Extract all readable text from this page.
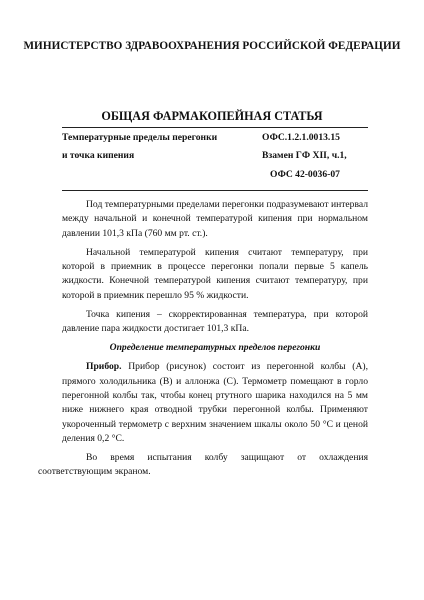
МИНИСТЕРСТВО ЗДРАВООХРАНЕНИЯ РОССИЙСКОЙ ФЕДЕРАЦИИ
ОБЩАЯ ФАРМАКОПЕЙНАЯ СТАТЬЯ
Температурные пределы перегонки
и точка кипения
ОФС.1.2.1.0013.15
Взамен ГФ XII, ч.1,
ОФС 42-0036-07

Под температурными пределами перегонки подразумевают интервал между начальной и конечной температурой кипения при нормальном давлении 101,3 кПа (760 мм рт. ст.).

Начальной температурой кипения считают температуру, при которой в приемник в процессе перегонки попали первые 5 капель жидкости. Конечной температурой кипения считают температуру, при которой в приемник перешло 95 % жидкости.

Точка кипения – скорректированная температура, при которой давление пара жидкости достигает 101,3 кПа.

Определение температурных пределов перегонки

Прибор. Прибор (рисунок) состоит из перегонной колбы (А), прямого холодильника (В) и аллонжа (С). Термометр помещают в горло перегонной колбы так, чтобы конец ртутного шарика находился на 5 мм ниже нижнего края отводной трубки перегонной колбы. Применяют укороченный термометр с верхним значением шкалы около 50 °C и ценой деления 0,2 °C.

Во время испытания колбу защищают от охлаждения
соответствующим экраном.
